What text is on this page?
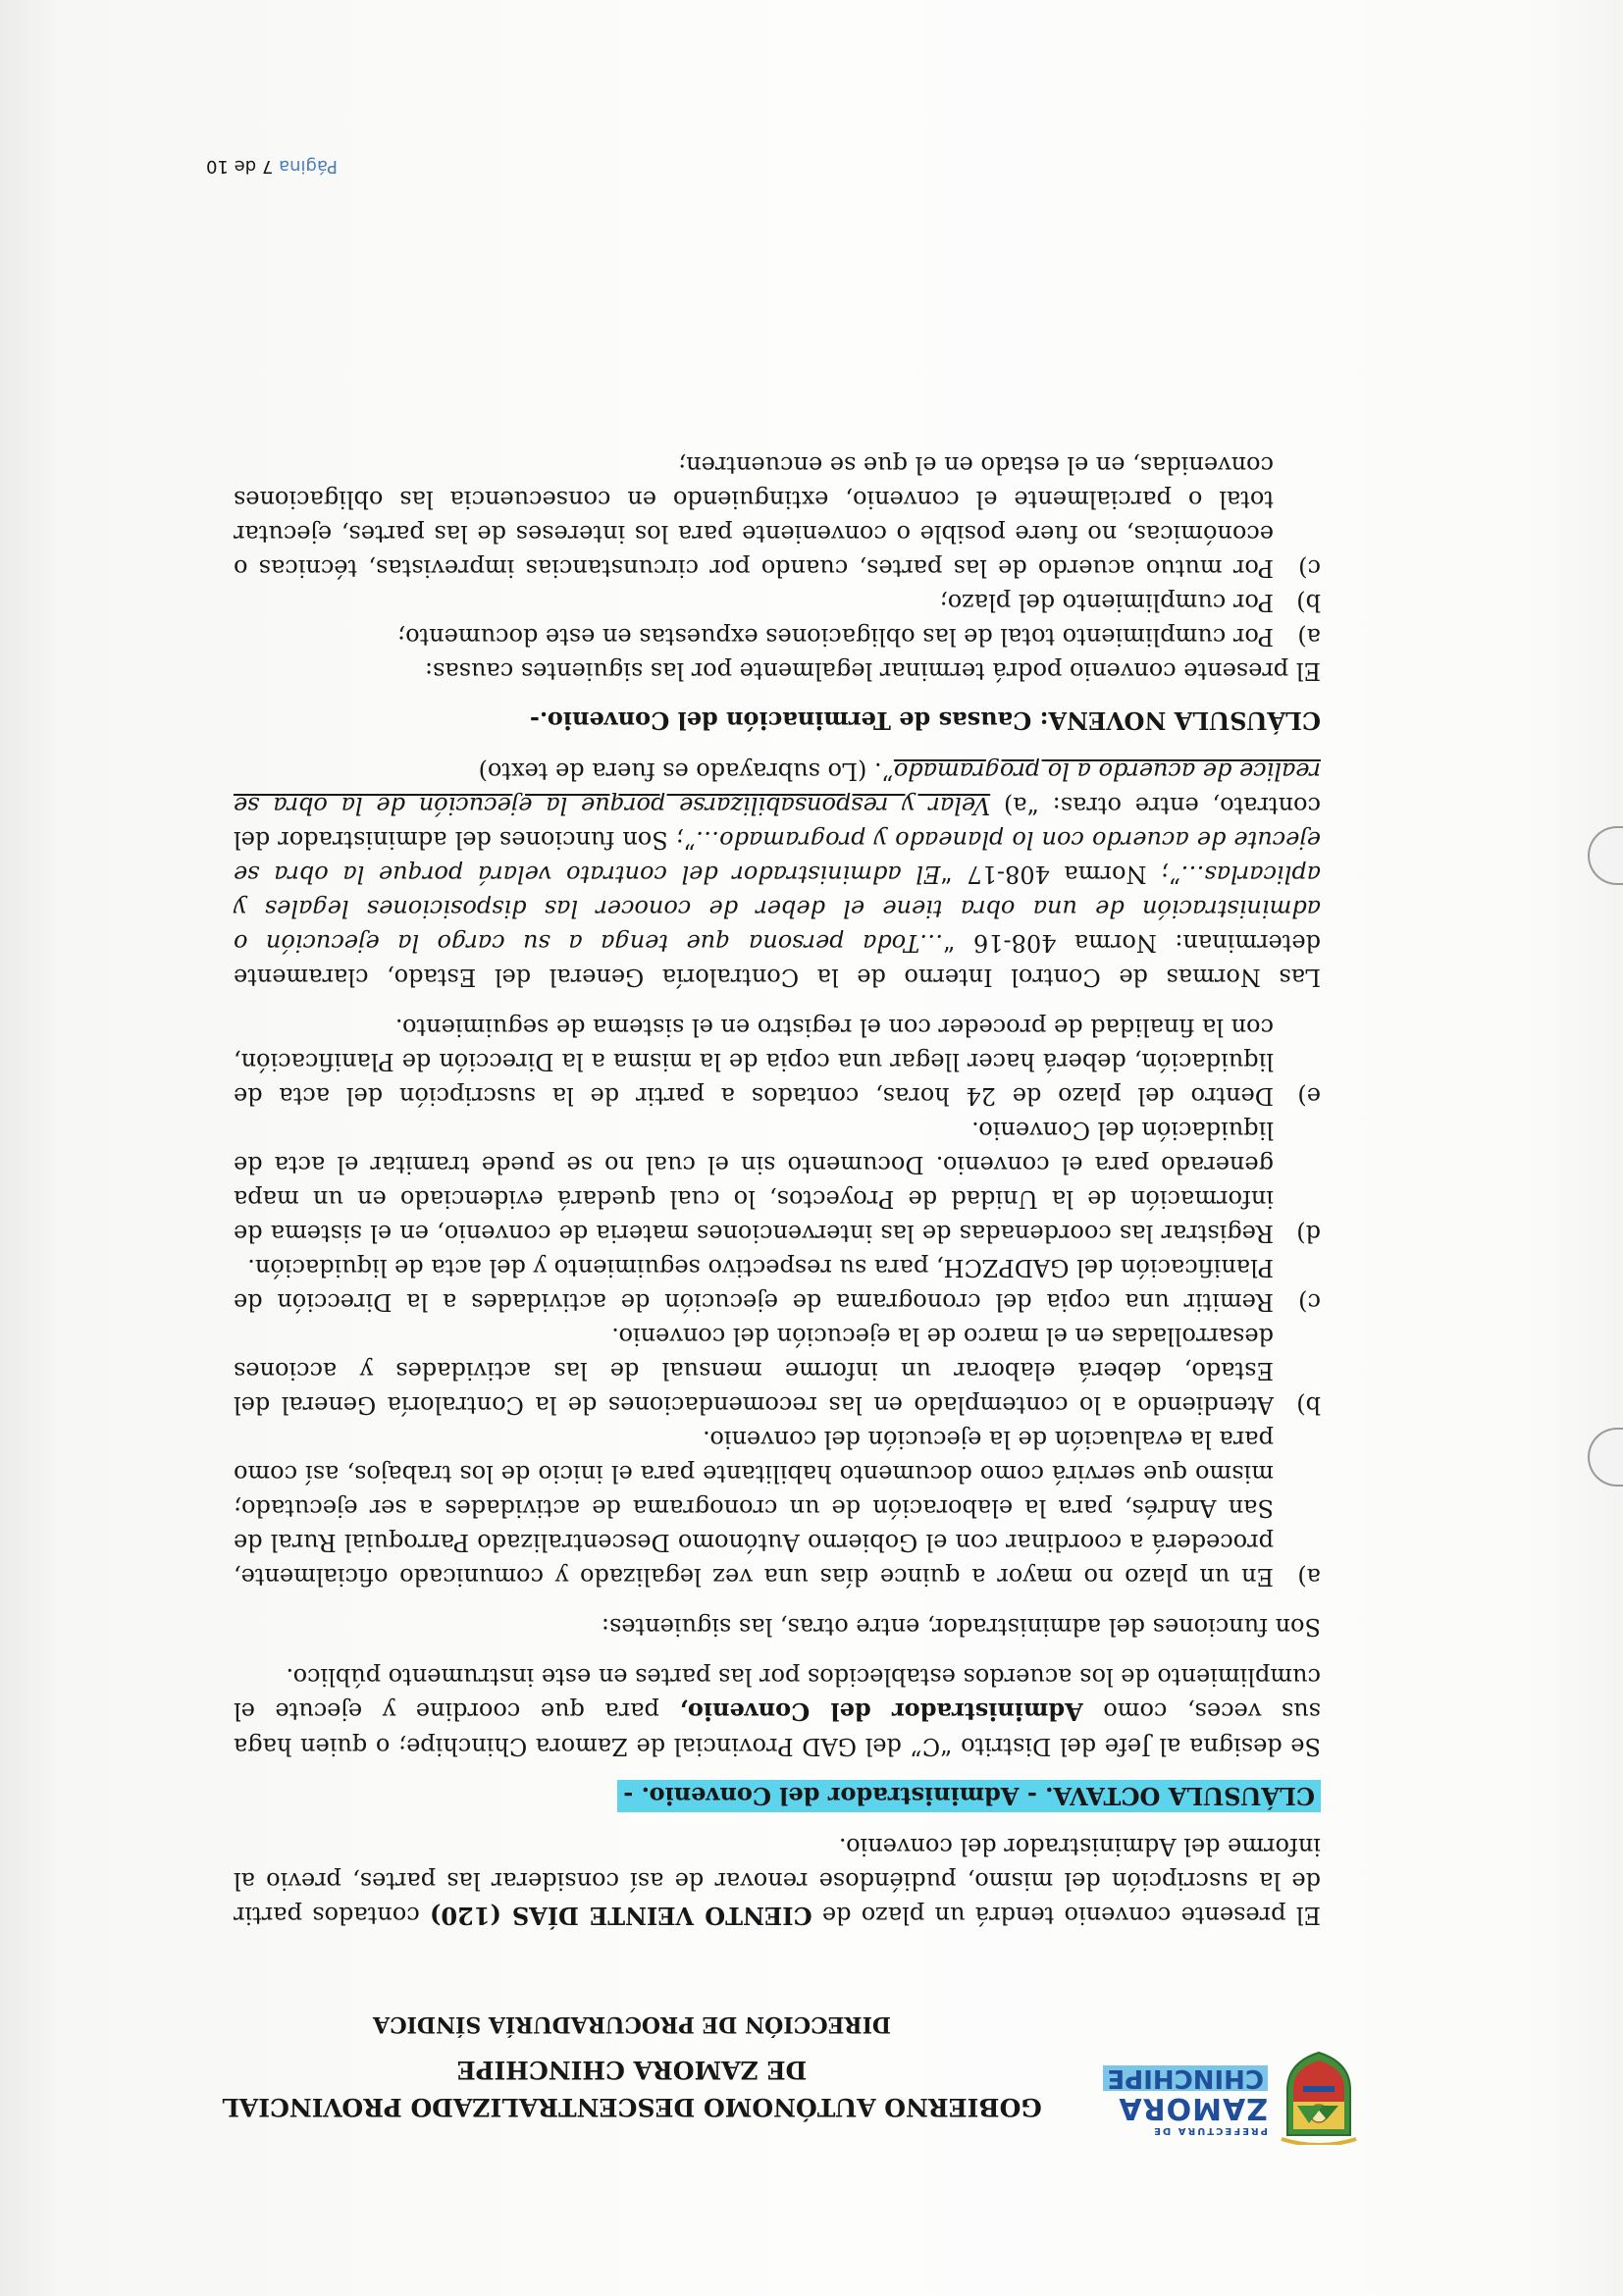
PREFECTURA DE
ZAMORA
CHINCHIPE
GOBIERNO AUTÓNOMO DESCENTRALIZADO PROVINCIAL
DE ZAMORA CHINCHIPE
DIRECCIÓN DE PROCURADURÍA SÍNDICA

El presente convenio tendrá un plazo de CIENTO VEINTE DÍAS (120) contados partir de la suscripción del mismo, pudiéndose renovar de así considerar las partes, previo al informe del Administrador del convenio.

CLÁUSULA OCTAVA. - Administrador del Convenio. -

Se designa al Jefe del Distrito “C” del GAD Provincial de Zamora Chinchipe; o quien haga sus veces, como Administrador del Convenio, para que coordine y ejecute el cumplimiento de los acuerdos establecidos por las partes en este instrumento público.

Son funciones del administrador, entre otras, las siguientes:

a)
En un plazo no mayor a quince días una vez legalizado y comunicado oficialmente, procederá a coordinar con el Gobierno Autónomo Descentralizado Parroquial Rural de San Andrés, para la elaboración de un cronograma de actividades a ser ejecutado; mismo que servirá como documento habilitante para el inicio de los trabajos, así como para la evaluación de la ejecución del convenio.
b)
Atendiendo a lo contemplado en las recomendaciones de la Contraloría General del Estado, deberá elaborar un informe mensual de las actividades y acciones desarrolladas en el marco de la ejecución del convenio.
c)
Remitir una copia del cronograma de ejecución de actividades a la Dirección de Planificación del GADPZCH, para su respectivo seguimiento y del acta de liquidación.
d)
Registrar las coordenadas de las intervenciones materia de convenio, en el sistema de información de la Unidad de Proyectos, lo cual quedará evidenciado en un mapa generado para el convenio. Documento sin el cual no se puede tramitar el acta de liquidación del Convenio.
e)
Dentro del plazo de 24 horas, contados a partir de la suscripción del acta de liquidación, deberá hacer llegar una copia de la misma a la Dirección de Planificación, con la finalidad de proceder con el registro en el sistema de seguimiento.

Las Normas de Control Interno de la Contraloría General del Estado, claramente determinan: Norma 408-16 “…Toda persona que tenga a su cargo la ejecución o administración de una obra tiene el deber de conocer las disposiciones legales y aplicarlas…”; Norma 408-17 “El administrador del contrato velará porque la obra se ejecute de acuerdo con lo planeado y programado…”; Son funciones del administrador del contrato, entre otras: “a) Velar y responsabilizarse porque la ejecución de la obra se realice de acuerdo a lo programado”. (Lo subrayado es fuera de texto)

CLÁUSULA NOVENA: Causas de Terminación del Convenio.-

El presente convenio podrá terminar legalmente por las siguientes causas:

a)
Por cumplimiento total de las obligaciones expuestas en este documento;
b)
Por cumplimiento del plazo;
c)
Por mutuo acuerdo de las partes, cuando por circunstancias imprevistas, técnicas o económicas, no fuere posible o conveniente para los intereses de las partes, ejecutar total o parcialmente el convenio, extinguiendo en consecuencia las obligaciones convenidas, en el estado en el que se encuentren;
Página 7 de 10
